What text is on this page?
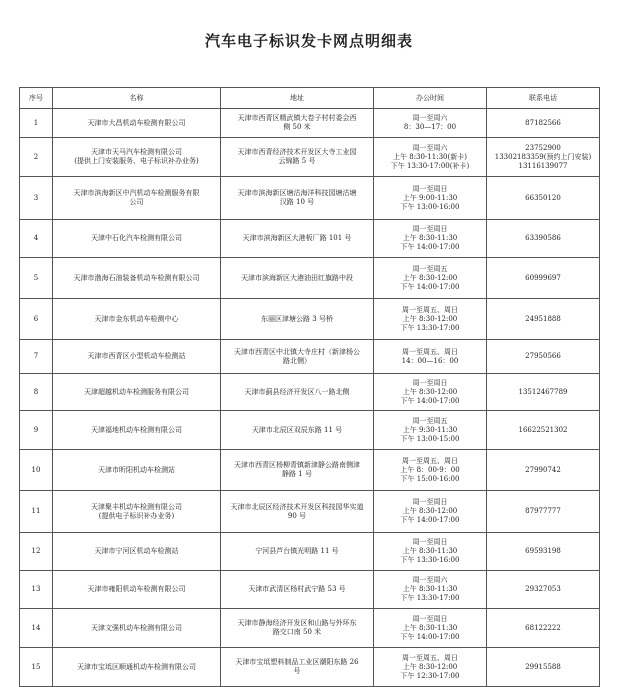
汽车电子标识发卡网点明细表
序号	名称	地址	办公时间	联系电话
1	天津市大昌机动车检测有限公司	天津市西青区精武镇大卷子村村委会西
侧 50 米	周一至周六
8：30—17：00	87182566
2	天津市天马汽车检测有限公司
(提供上门安装服务、电子标识补办业务)	天津市西青经济技术开发区大寺工业园
云锦路 5 号	周一至周六
上午 8:30-11:30(新卡)
下午 13:30-17:00(补卡)	23752900
13302183359(预约上门安装)
13116139077
3	天津市滨海新区中汽机动车检测服务有限
公司	天津市滨海新区塘沽海洋科技园塘沽塘
汉路 10 号	周一至周日
上午 9:00-11:30
下午 13:00-16:00	66350120
4	天津中石化汽车检测有限公司	天津市滨海新区大港板厂路 101 号	周一至周日
上午 8:30-11:30
下午 14:00-17:00	63390586
5	天津市渤海石油装备机动车检测有限公司	天津市滨海新区大港油田红旗路中段	周一至周五
上午 8:30-12:00
下午 14:00-17:00	60999697
6	天津市金东机动车检测中心	东丽区津塘公路 3 号桥	周一至周五、周日
上午 8:30-12:00
下午 13:30-17:00	24951888
7	天津市西青区小型机动车检测站	天津市西青区中北镇大寺庄村（新津杨公
路北侧）	周一至周五、周日
14：00—16：00	27950566
8	天津超越机动车检测服务有限公司	天津市蓟县经济开发区八一路北侧	周一至周日
上午 8:30-12:00
下午 14:00-17:00	13512467789
9	天津福地机动车检测有限公司	天津市北辰区双辰东路 11 号	周一至周五
上午 9:30-11:30
下午 13:00-15:00	16622521302
10	天津市昕阳机动车检测站	天津市西青区杨柳青镇新津静公路南侧津
静路 1 号	周一至周五、周日
上午 8：00-9：00
下午 15:00-16:00	27990742
11	天津聚丰机动车检测有限公司
(提供电子标识补办业务)	天津市北辰区经济技术开发区科技园华实道
90 号	周一至周日
上午 8:30-12:00
下午 14:00-17:00	87977777
12	天津市宁河区机动车检测站	宁河县芦台镇光明路 11 号	周一至周日
上午 8:30-11:30
下午 13:30-16:00	69593198
13	天津市雍阳机动车检测有限公司	天津市武清区杨村武宁路 53 号	周一至周六
上午 8:30-11:30
下午 13:30-17:00	29327053
14	天津文强机动车检测有限公司	天津市静海经济开发区和山路与外环东
路交口南 50 米	周一至周日
上午 8:30-11:30
下午 14:00-17:00	68122222
15	天津市宝坻区顺通机动车检测有限公司	天津市宝坻塑料制品工业区潮阳东路 26
号	周一至周五、周日
上午 8:30-12:00
下午 12:30-17:00	29915588
